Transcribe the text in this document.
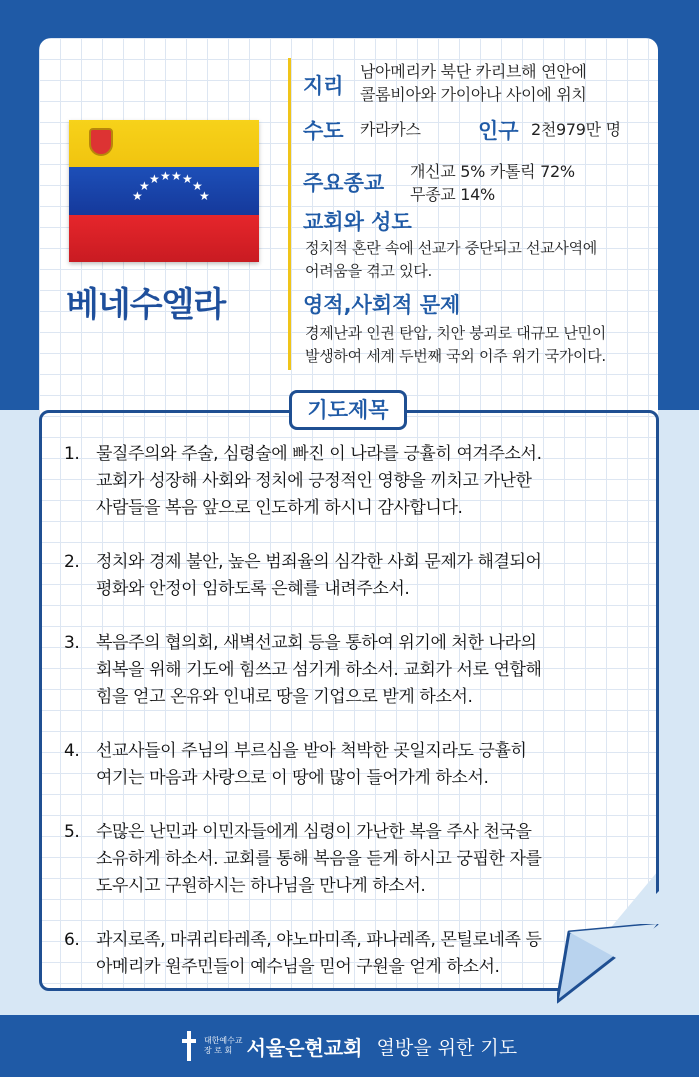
★
★ ★ ★ ★ ★ ★
★
베네수엘라
지리
남아메리카 북단 카리브해 연안에
콜롬비아와 가이아나 사이에 위치
수도 카라카스	인구 2천979만 명
주요종교 개신교 5% 카톨릭 72%
무종교 14%
교회와 성도
정치적 혼란 속에 선교가 중단되고 선교사역에
어려움을 겪고 있다.
영적,사회적 문제
경제난과 인권 탄압, 치안 붕괴로 대규모 난민이
발생하여 세계 두번째 국외 이주 위기 국가이다.
기도제목
1. 물질주의와 주술, 심령술에 빠진 이 나라를 긍휼히 여겨주소서.
교회가 성장해 사회와 정치에 긍정적인 영향을 끼치고 가난한
사람들을 복음 앞으로 인도하게 하시니 감사합니다.
2. 정치와 경제 불안, 높은 범죄율의 심각한 사회 문제가 해결되어
평화와 안정이 임하도록 은혜를 내려주소서.
3. 복음주의 협의회, 새벽선교회 등을 통하여 위기에 처한 나라의
회복을 위해 기도에 힘쓰고 섬기게 하소서. 교회가 서로 연합해
힘을 얻고 온유와 인내로 땅을 기업으로 받게 하소서.
4. 선교사들이 주님의 부르심을 받아 척박한 곳일지라도 긍휼히
여기는 마음과 사랑으로 이 땅에 많이 들어가게 하소서.
5. 수많은 난민과 이민자들에게 심령이 가난한 복을 주사 천국을
소유하게 하소서. 교회를 통해 복음을 듣게 하시고 궁핍한 자를
도우시고 구원하시는 하나님을 만나게 하소서.
6. 과지로족, 마퀴리타레족, 야노마미족, 파나레족, 몬틸로네족 등
아메리카 원주민들이 예수님을 믿어 구원을 얻게 하소서.
대한예수교
장 로 회 서울은현교회 열방을 위한 기도
